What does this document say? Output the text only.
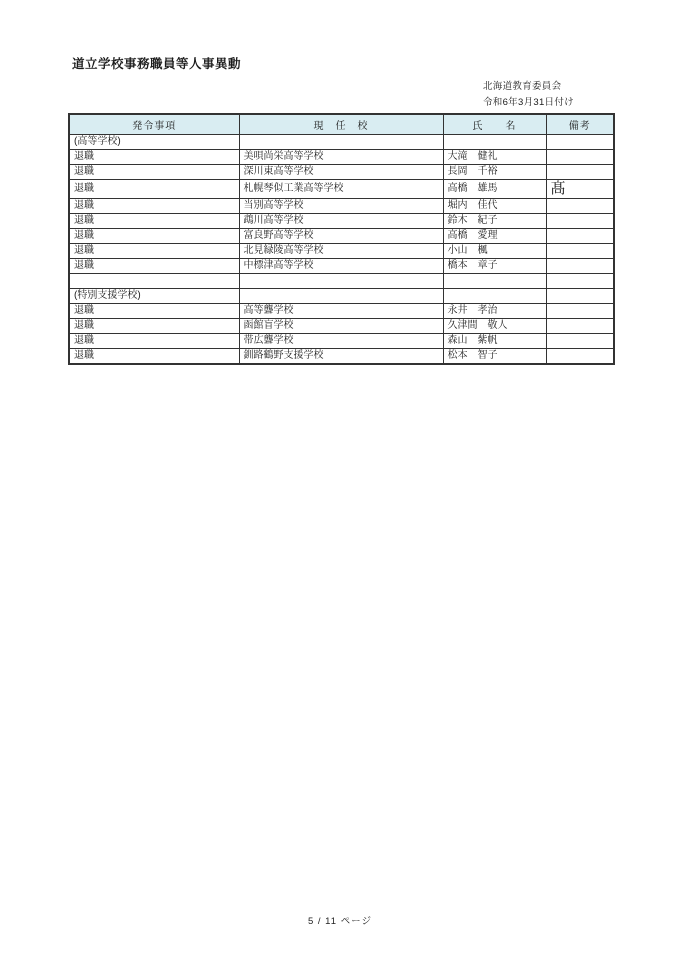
道立学校事務職員等人事異動
北海道教育委員会
令和6年3月31日付け
発令事項	現　任　校	氏　　名	備考
(高等学校)			
退職	美唄尚栄高等学校	大滝　健礼	
退職	深川東高等学校	長岡　千裕	
退職	札幌琴似工業高等学校	高橋　雄馬	髙
退職	当別高等学校	堀内　佳代	
退職	鵡川高等学校	鈴木　紀子	
退職	富良野高等学校	高橋　愛理	
退職	北見緑陵高等学校	小山　楓	
退職	中標津高等学校	橋本　章子	

(特別支援学校)			
退職	高等聾学校	永井　孝治	
退職	函館盲学校	久津間　敬人	
退職	帯広聾学校	森山　紫帆	
退職	釧路鶴野支援学校	松本　智子	
5 / 11 ページ
